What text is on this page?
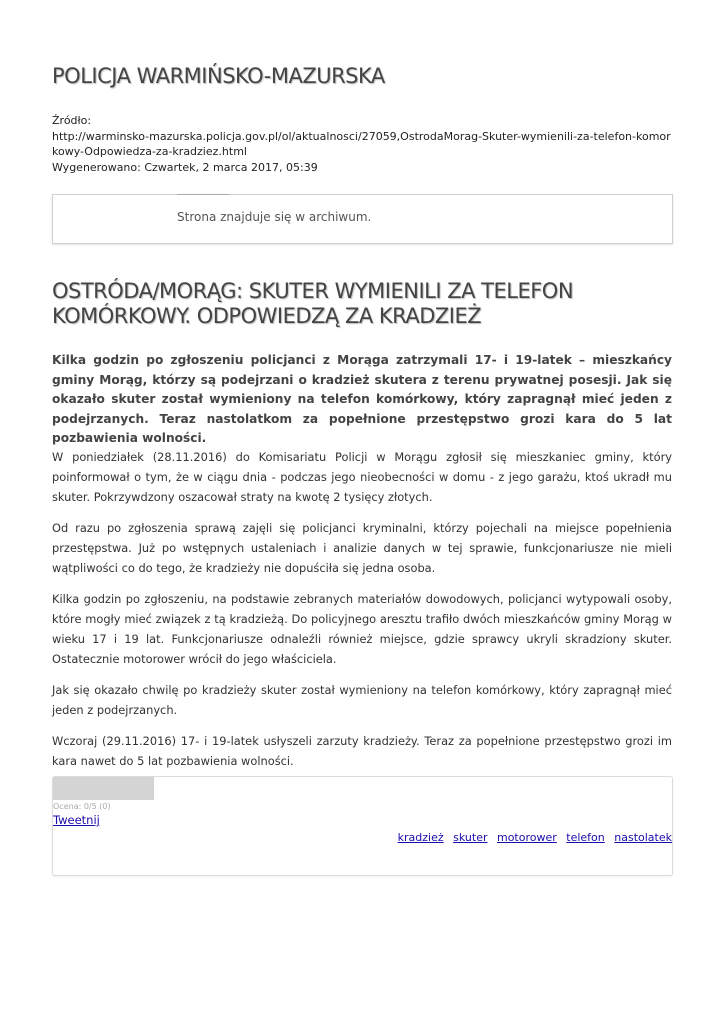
POLICJA WARMIŃSKO-MAZURSKA
Źródło:
http://warminsko-mazurska.policja.gov.pl/ol/aktualnosci/27059,OstrodaMorag-Skuter-wymienili-za-telefon-komorkowy-Odpowiedza-za-kradziez.html
Wygenerowano: Czwartek, 2 marca 2017, 05:39
Strona znajduje się w archiwum.
OSTRÓDA/MORĄG: SKUTER WYMIENILI ZA TELEFON KOMÓRKOWY. ODPOWIEDZĄ ZA KRADZIEŻ

Kilka godzin po zgłoszeniu policjanci z Morąga zatrzymali 17- i 19-latek – mieszkańcy gminy Morąg, którzy są podejrzani o kradzież skutera z terenu prywatnej posesji. Jak się okazało skuter został wymieniony na telefon komórkowy, który zapragnął mieć jeden z podejrzanych. Teraz nastolatkom za popełnione przestępstwo grozi kara do 5 lat pozbawienia wolności.

W poniedziałek (28.11.2016) do Komisariatu Policji w Morągu zgłosił się mieszkaniec gminy, który poinformował o tym, że w ciągu dnia - podczas jego nieobecności w domu - z jego garażu, ktoś ukradł mu skuter. Pokrzywdzony oszacował straty na kwotę 2 tysięcy złotych.

Od razu po zgłoszenia sprawą zajęli się policjanci kryminalni, którzy pojechali na miejsce popełnienia przestępstwa. Już po wstępnych ustaleniach i analizie danych w tej sprawie, funkcjonariusze nie mieli wątpliwości co do tego, że kradzieży nie dopuściła się jedna osoba.

Kilka godzin po zgłoszeniu, na podstawie zebranych materiałów dowodowych, policjanci wytypowali osoby, które mogły mieć związek z tą kradzieżą. Do policyjnego aresztu trafiło dwóch mieszkańców gminy Morąg w wieku 17 i 19 lat. Funkcjonariusze odnaleźli również miejsce, gdzie sprawcy ukryli skradziony skuter. Ostatecznie motorower wrócił do jego właściciela.

Jak się okazało chwilę po kradzieży skuter został wymieniony na telefon komórkowy, który zapragnął mieć jeden z podejrzanych.

Wczoraj (29.11.2016) 17- i 19-latek usłyszeli zarzuty kradzieży. Teraz za popełnione przestępstwo grozi im kara nawet do 5 lat pozbawienia wolności.

Ocena: 0/5 (0)
Tweetnij
kradzież skuter motorower telefon nastolatek
